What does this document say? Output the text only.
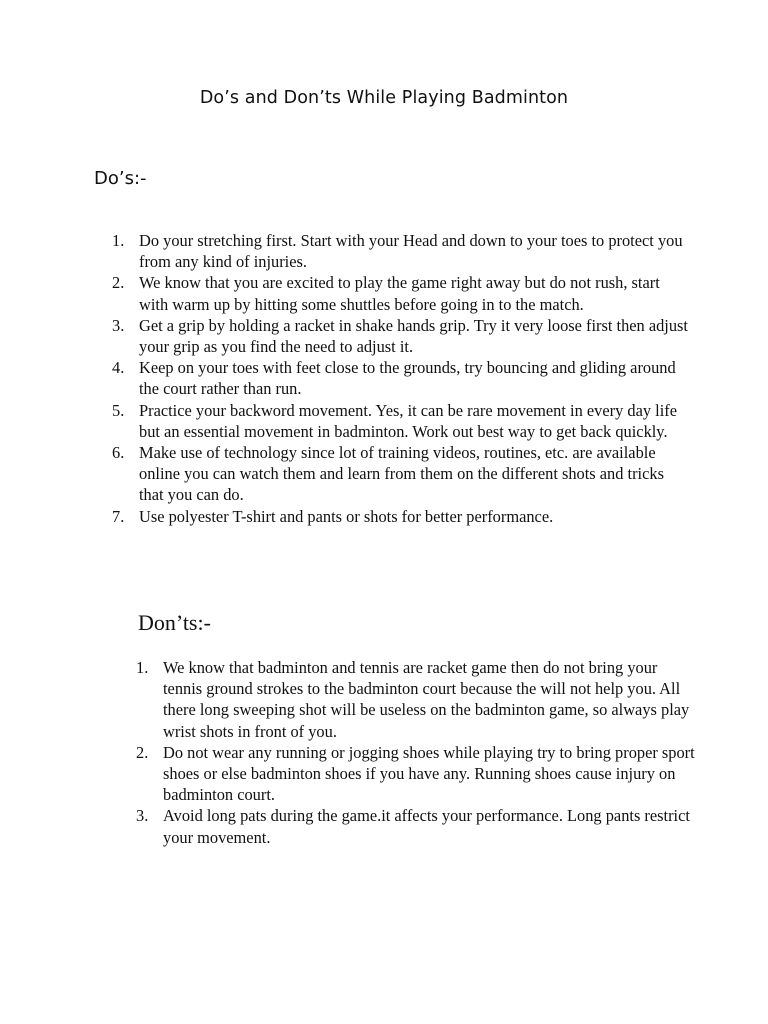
Do’s and Don’ts While Playing Badminton
Do’s:-
1. Do your stretching first. Start with your Head and down to your toes to protect you from any kind of injuries.
2. We know that you are excited to play the game right away but do not rush, start with warm up by hitting some shuttles before going in to the match.
3. Get a grip by holding a racket in shake hands grip. Try it very loose first then adjust your grip as you find the need to adjust it.
4. Keep on your toes with feet close to the grounds, try bouncing and gliding around the court rather than run.
5. Practice your backword movement. Yes, it can be rare movement in every day life but an essential movement in badminton. Work out best way to get back quickly.
6. Make use of technology since lot of training videos, routines, etc. are available online you can watch them and learn from them on the different shots and tricks that you can do.
7. Use polyester T-shirt and pants or shots for better performance.
Don’ts:-
1. We know that badminton and tennis are racket game then do not bring your tennis ground strokes to the badminton court because the will not help you. All there long sweeping shot will be useless on the badminton game, so always play wrist shots in front of you.
2. Do not wear any running or jogging shoes while playing try to bring proper sport shoes or else badminton shoes if you have any. Running shoes cause injury on badminton court.
3. Avoid long pats during the game.it affects your performance. Long pants restrict your movement.
